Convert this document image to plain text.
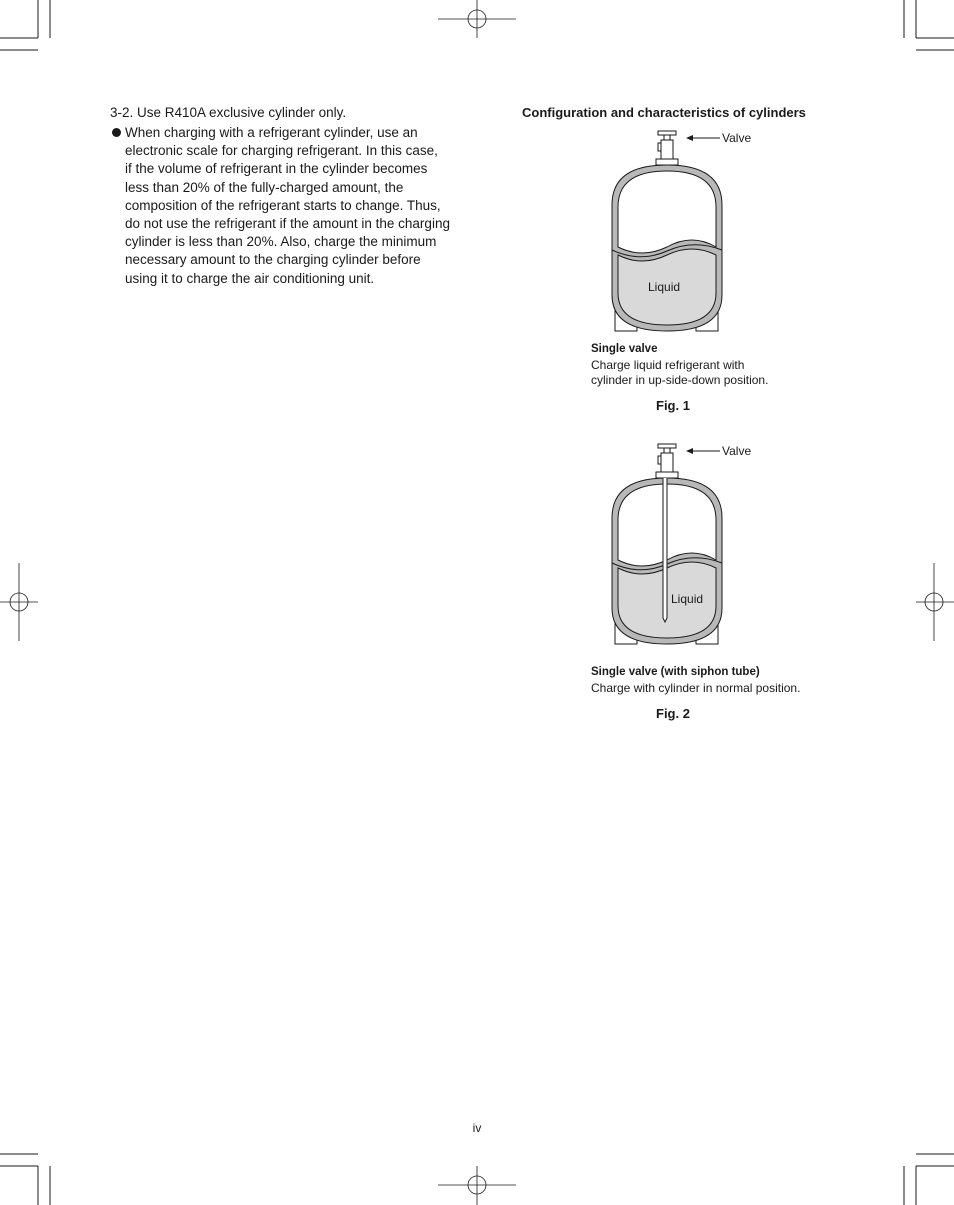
3-2. Use R410A exclusive cylinder only.
When charging with a refrigerant cylinder, use an
electronic scale for charging refrigerant. In this case,
if the volume of refrigerant in the cylinder becomes
less than 20% of the fully-charged amount, the
composition of the refrigerant starts to change. Thus,
do not use the refrigerant if the amount in the charging
cylinder is less than 20%. Also, charge the minimum
necessary amount to the charging cylinder before
using it to charge the air conditioning unit.
Configuration and characteristics of cylinders
Liquid
Valve
Single valve
Charge liquid refrigerant with
cylinder in up-side-down position.
Fig. 1
Liquid
Valve
Single valve (with siphon tube)
Charge with cylinder in normal position.
Fig. 2
iv
